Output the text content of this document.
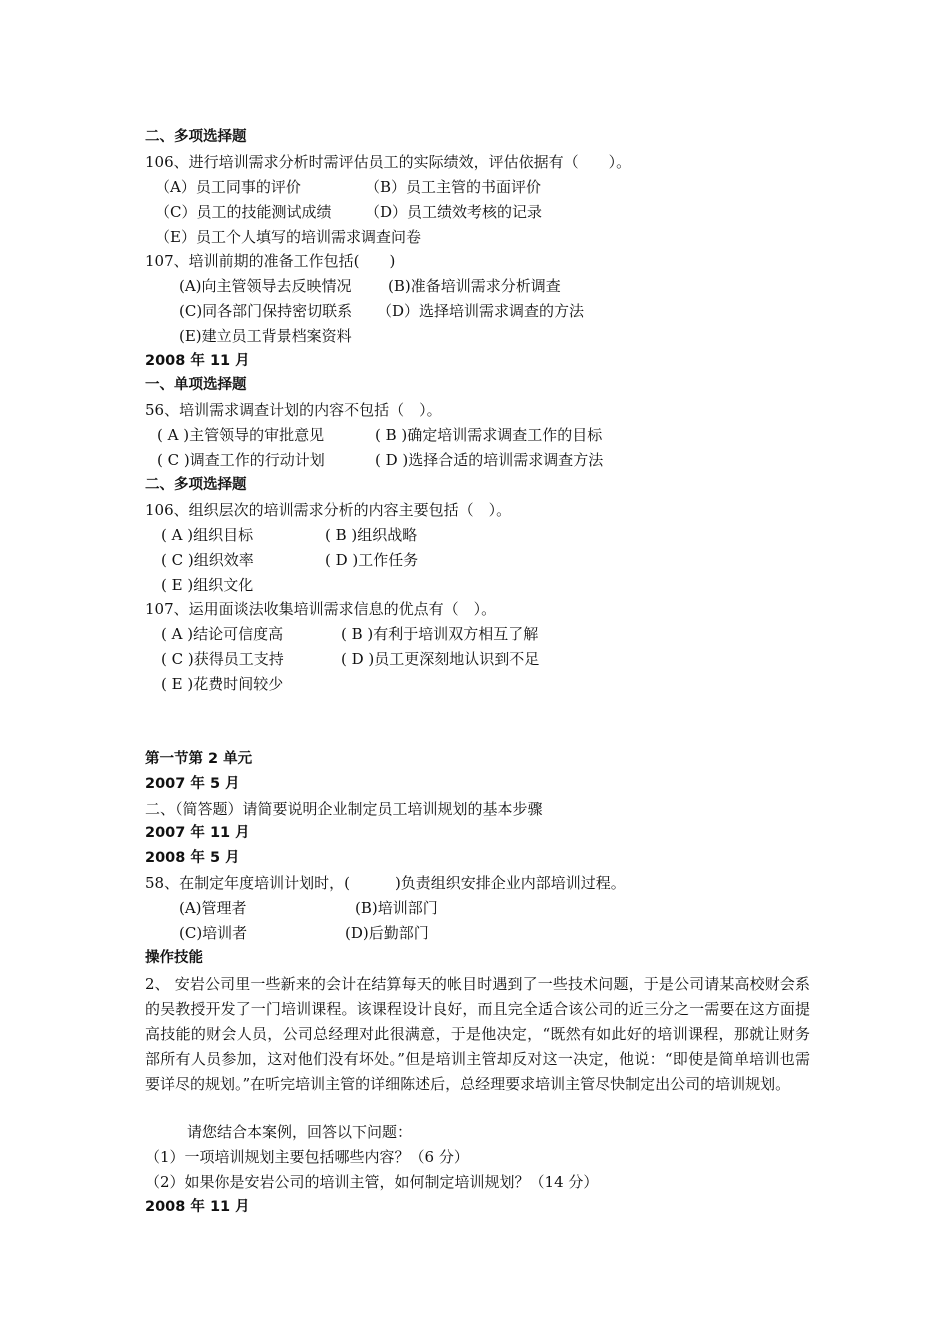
二、多项选择题
106、进行培训需求分析时需评估员工的实际绩效，评估依据有（　　）。
（A）员工同事的评价	（B）员工主管的书面评价
（C）员工的技能测试成绩 （D）员工绩效考核的记录
（E）员工个人填写的培训需求调查问卷
107、培训前期的准备工作包括(　　)
(A)向主管领导去反映情况 (B)准备培训需求分析调查
(C)同各部门保持密切联系 （D）选择培训需求调查的方法
(E)建立员工背景档案资料
2008 年 11 月
一、单项选择题
56、培训需求调查计划的内容不包括（　）。
( A )主管领导的审批意见	( B )确定培训需求调查工作的目标
( C )调查工作的行动计划	( D )选择合适的培训需求调查方法
二、多项选择题
106、组织层次的培训需求分析的内容主要包括（　）。
( A )组织目标	( B )组织战略
( C )组织效率	( D )工作任务
( E )组织文化
107、运用面谈法收集培训需求信息的优点有（　）。
( A )结论可信度高	( B )有利于培训双方相互了解
( C )获得员工支持	( D )员工更深刻地认识到不足
( E )花费时间较少
第一节第 2 单元
2007 年 5 月
二、（简答题）请简要说明企业制定员工培训规划的基本步骤
2007 年 11 月
2008 年 5 月
58、在制定年度培训计划时，(　　　)负责组织安排企业内部培训过程。
(A)管理者	(B)培训部门
(C)培训者	(D)后勤部门
操作技能
2、 安岩公司里一些新来的会计在结算每天的帐目时遇到了一些技术问题，于是公司请某高校财会系的吴教授开发了一门培训课程。该课程设计良好，而且完全适合该公司的近三分之一需要在这方面提高技能的财会人员，公司总经理对此很满意，于是他决定，“既然有如此好的培训课程，那就让财务部所有人员参加，这对他们没有坏处。”但是培训主管却反对这一决定，他说：“即使是简单培训也需要详尽的规划。”在听完培训主管的详细陈述后，总经理要求培训主管尽快制定出公司的培训规划。
　　请您结合本案例，回答以下问题：
（1）一项培训规划主要包括哪些内容？（6 分）
（2）如果你是安岩公司的培训主管，如何制定培训规划？（14 分）
2008 年 11 月
